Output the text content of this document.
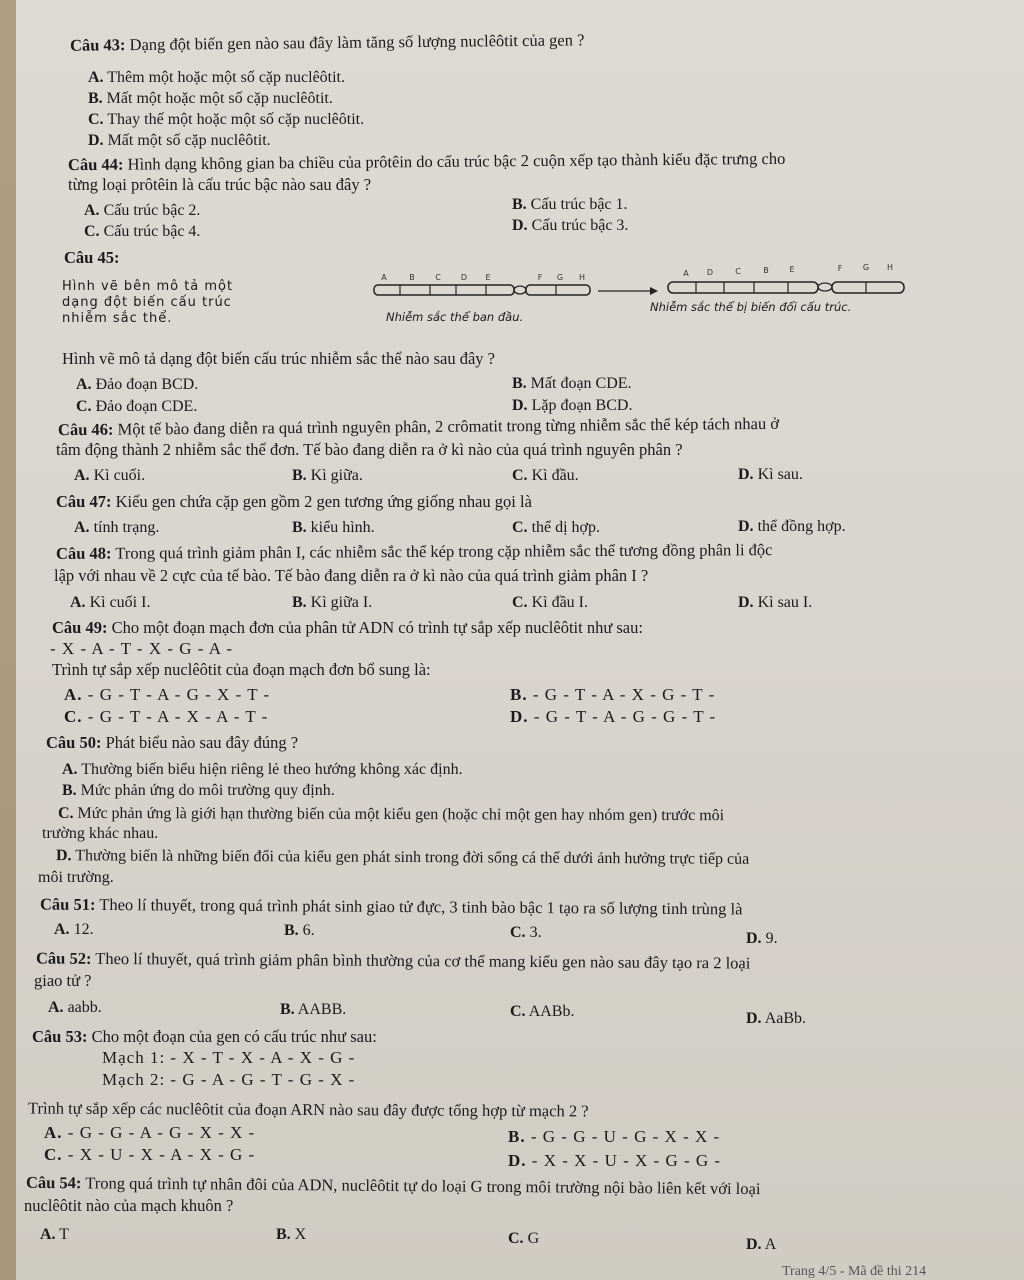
Câu 43: Dạng đột biến gen nào sau đây làm tăng số lượng nuclêôtit của gen ?
A. Thêm một hoặc một số cặp nuclêôtit.
B. Mất một hoặc một số cặp nuclêôtit.
C. Thay thế một hoặc một số cặp nuclêôtit.
D. Mất một số cặp nuclêôtit.
Câu 44: Hình dạng không gian ba chiều của prôtêin do cấu trúc bậc 2 cuộn xếp tạo thành kiểu đặc trưng cho
từng loại prôtêin là cấu trúc bậc nào sau đây ?
A. Cấu trúc bậc 2.	B. Cấu trúc bậc 1.
C. Cấu trúc bậc 4.	D. Cấu trúc bậc 3.
Câu 45:
Hình vẽ bên mô tả một
dạng đột biến cấu trúc
nhiễm sắc thể.
A	B	C	D E	F G H	A D	C	B	E	F	G H
Nhiễm sắc thể ban đầu.
Nhiễm sắc thể bị biến đổi cấu trúc.
Hình vẽ mô tả dạng đột biến cấu trúc nhiễm sắc thể nào sau đây ?
A. Đảo đoạn BCD.	B. Mất đoạn CDE.
C. Đảo đoạn CDE.	D. Lặp đoạn BCD.
Câu 46: Một tế bào đang diễn ra quá trình nguyên phân, 2 crômatit trong từng nhiễm sắc thể kép tách nhau ở
tâm động thành 2 nhiễm sắc thể đơn. Tế bào đang diễn ra ở kì nào của quá trình nguyên phân ?
A. Kì cuối.	B. Kì giữa.	C. Kì đầu.	D. Kì sau.
Câu 47: Kiểu gen chứa cặp gen gồm 2 gen tương ứng giống nhau gọi là
A. tính trạng.	B. kiểu hình.	C. thể dị hợp.	D. thể đồng hợp.
Câu 48: Trong quá trình giảm phân I, các nhiễm sắc thể kép trong cặp nhiễm sắc thể tương đồng phân li độc
lập với nhau về 2 cực của tế bào. Tế bào đang diễn ra ở kì nào của quá trình giảm phân I ?
A. Kì cuối I.	B. Kì giữa I.	C. Kì đầu I.	D. Kì sau I.
Câu 49: Cho một đoạn mạch đơn của phân tử ADN có trình tự sắp xếp nuclêôtit như sau:
- X - A - T - X - G - A -
Trình tự sắp xếp nuclêôtit của đoạn mạch đơn bổ sung là:
A. - G - T - A - G - X - T -	B. - G - T - A - X - G - T -
C. - G - T - A - X - A - T -	D. - G - T - A - G - G - T -
Câu 50: Phát biểu nào sau đây đúng ?
A. Thường biến biểu hiện riêng lẻ theo hướng không xác định.
B. Mức phản ứng do môi trường quy định.
C. Mức phản ứng là giới hạn thường biến của một kiểu gen (hoặc chỉ một gen hay nhóm gen) trước môi
trường khác nhau.
D. Thường biến là những biến đổi của kiểu gen phát sinh trong đời sống cá thể dưới ảnh hưởng trực tiếp của
môi trường.
Câu 51: Theo lí thuyết, trong quá trình phát sinh giao tử đực, 3 tinh bào bậc 1 tạo ra số lượng tinh trùng là
A. 12.	B. 6.	C. 3.	D. 9.
Câu 52: Theo lí thuyết, quá trình giảm phân bình thường của cơ thể mang kiểu gen nào sau đây tạo ra 2 loại
giao tử ?
A. aabb.	B. AABB.	C. AABb.	D. AaBb.
Câu 53: Cho một đoạn của gen có cấu trúc như sau:
Mạch 1: - X - T - X - A - X - G -
Mạch 2: - G - A - G - T - G - X -
Trình tự sắp xếp các nuclêôtit của đoạn ARN nào sau đây được tổng hợp từ mạch 2 ?
A. - G - G - A - G - X - X -	B. - G - G - U - G - X - X -
C. - X - U - X - A - X - G -	D. - X - X - U - X - G - G -
Câu 54: Trong quá trình tự nhân đôi của ADN, nuclêôtit tự do loại G trong môi trường nội bào liên kết với loại
nuclêôtit nào của mạch khuôn ?
A. T	B. X	C. G	D. A
Trang 4/5 - Mã đề thi 214
